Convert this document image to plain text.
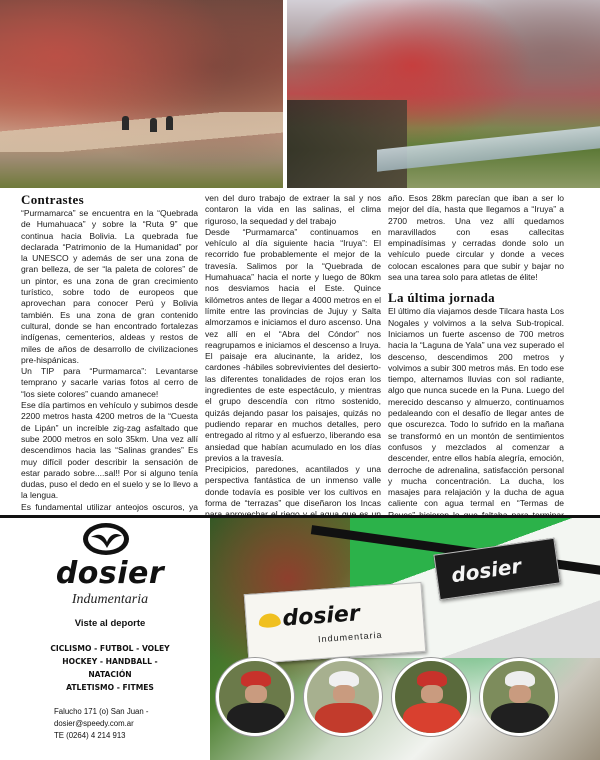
Contrastes

“Purmamarca” se encuentra en la “Quebrada de Humahuaca” y sobre la “Ruta 9” que continua hacia Bolivia. La quebrada fue declarada “Patrimonio de la Humanidad” por la UNESCO y además de ser una zona de gran belleza, de ser “la paleta de colores” de un pintor, es una zona de gran crecimiento turístico, sobre todo de europeos que aprovechan para conocer Perú y Bolivia también. Es una zona de gran contenido cultural, donde se han encontrado fortalezas indígenas, cementerios, aldeas y restos de miles de años de desarrollo de civilizaciones pre-hispánicas.

Un TIP para “Purmamarca”: Levantarse temprano y sacarle varias fotos al cerro de “los siete colores” cuando amanece!

Ese día partimos en vehículo y subimos desde 2200 metros hasta 4200 metros de la “Cuesta de Lipán” un increíble zig-zag asfaltado que sube 2000 metros en solo 35km. Una vez allí descendimos hacia las “Salinas grandes” Es muy difícil poder describir la sensación de estar parado sobre....sal!! Por si alguno tenía dudas, puso el dedo en el suelo y se lo llevo a la lengua.

Es fundamental utilizar anteojos oscuros, ya

ven del duro trabajo de extraer la sal y nos contaron la vida en las salinas, el clima riguroso, la sequedad y del trabajo

Desde “Purmamarca” continuamos en vehículo al día siguiente hacia “Iruya”: El recorrido fue probablemente el mejor de la travesía. Salimos por la “Quebrada de Humahuaca” hacia el norte y luego de 80km nos desviamos hacia el Este. Quince kilómetros antes de llegar a 4000 metros en el límite entre las provincias de Jujuy y Salta almorzamos e iniciamos el duro ascenso. Una vez allí en el “Abra del Cóndor” nos reagrupamos e iniciamos el descenso a Iruya. El paisaje era alucinante, la aridez, los cardones -hábiles sobrevivientes del desierto- las diferentes tonalidades de rojos eran los ingredientes de este espectáculo, y mientras el grupo descendía con ritmo sostenido, quizás dejando pasar los paisajes, quizás no pudiendo reparar en muchos detalles, pero entregado al ritmo y al esfuerzo, liberando esa ansiedad que habían acumulado en los días previos a la travesía.

Precipicios, paredones, acantilados y una perspectiva fantástica de un inmenso valle donde todavía es posible ver los cultivos en forma de “terrazas” que diseñaron los Incas

año. Esos 28km parecían que iban a ser lo mejor del día, hasta que llegamos a “Iruya” a 2700 metros. Una vez allí quedamos maravillados con esas callecitas empinadísimas y cerradas donde solo un vehículo puede circular y donde a veces colocan escalones para que subir y bajar no sea una tarea solo para atletas de élite!

La última jornada

El último día viajamos desde Tilcara hasta Los Nogales y volvimos a la selva Sub-tropical. Iniciamos un fuerte ascenso de 700 metros hacia la “Laguna de Yala” una vez superado el descenso, descendimos 200 metros y volvimos a subir 300 metros más. En todo ese tiempo, alternamos lluvias con sol radiante, algo que nunca sucede en la Puna. Luego del merecido descanso y almuerzo, continuamos pedaleando con el desafío de llegar antes de que oscurezca. Todo lo sufrido en la mañana se transformó en un montón de sentimientos confusos y mezclados al comenzar a descender, entre ellos había alegría, emoción, derroche de adrenalina, satisfacción personal y mucha concentración. La ducha, los masajes para relajación y la ducha de agua caliente con agua termal en “Termas de

dosier
Indumentaria
Viste al deporte
CICLISMO - FUTBOL - VOLEY
HOCKEY - HANDBALL - NATACIÓN
ATLETISMO - FITMES
Falucho 171 (o) San Juan - dosier@speedy.com.ar
TE (0264) 4 214 913
dosier
dosier
Indumentaria
